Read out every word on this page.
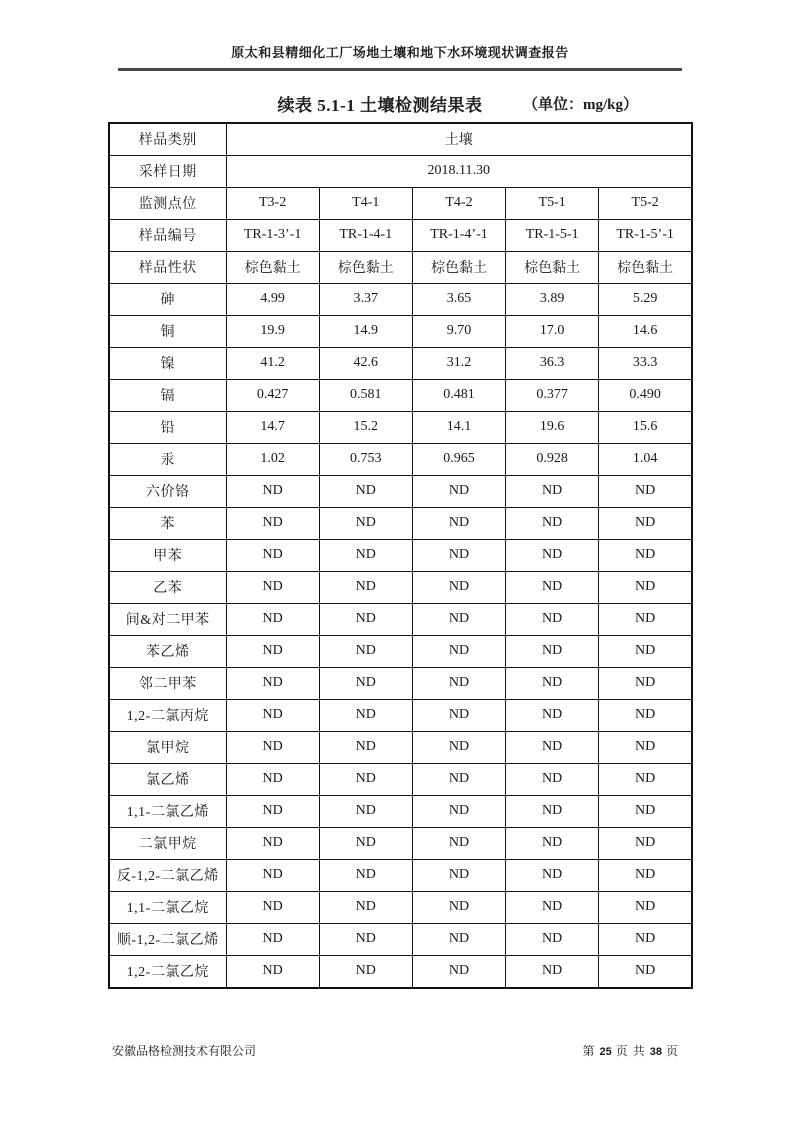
原太和县精细化工厂场地土壤和地下水环境现状调查报告
续表 5.1-1 土壤检测结果表	（单位：mg/kg）
样品类别	土壤				
采样日期	2018.11.30				
监测点位	T3-2	T4-1	T4-2	T5-1	T5-2
样品编号	TR-1-3’-1	TR-1-4-1	TR-1-4’-1	TR-1-5-1	TR-1-5’-1
样品性状	棕色黏土	棕色黏土	棕色黏土	棕色黏土	棕色黏土
砷	4.99	3.37	3.65	3.89	5.29
铜	19.9	14.9	9.70	17.0	14.6
镍	41.2	42.6	31.2	36.3	33.3
镉	0.427	0.581	0.481	0.377	0.490
铅	14.7	15.2	14.1	19.6	15.6
汞	1.02	0.753	0.965	0.928	1.04
六价铬	ND	ND	ND	ND	ND
苯	ND	ND	ND	ND	ND
甲苯	ND	ND	ND	ND	ND
乙苯	ND	ND	ND	ND	ND
间&对二甲苯	ND	ND	ND	ND	ND
苯乙烯	ND	ND	ND	ND	ND
邻二甲苯	ND	ND	ND	ND	ND
1,2-二氯丙烷	ND	ND	ND	ND	ND
氯甲烷	ND	ND	ND	ND	ND
氯乙烯	ND	ND	ND	ND	ND
1,1-二氯乙烯	ND	ND	ND	ND	ND
二氯甲烷	ND	ND	ND	ND	ND
反-1,2-二氯乙烯	ND	ND	ND	ND	ND
1,1-二氯乙烷	ND	ND	ND	ND	ND
顺-1,2-二氯乙烯	ND	ND	ND	ND	ND
1,2-二氯乙烷	ND	ND	ND	ND	ND
安徽品格检测技术有限公司	第 25 页 共 38 页
